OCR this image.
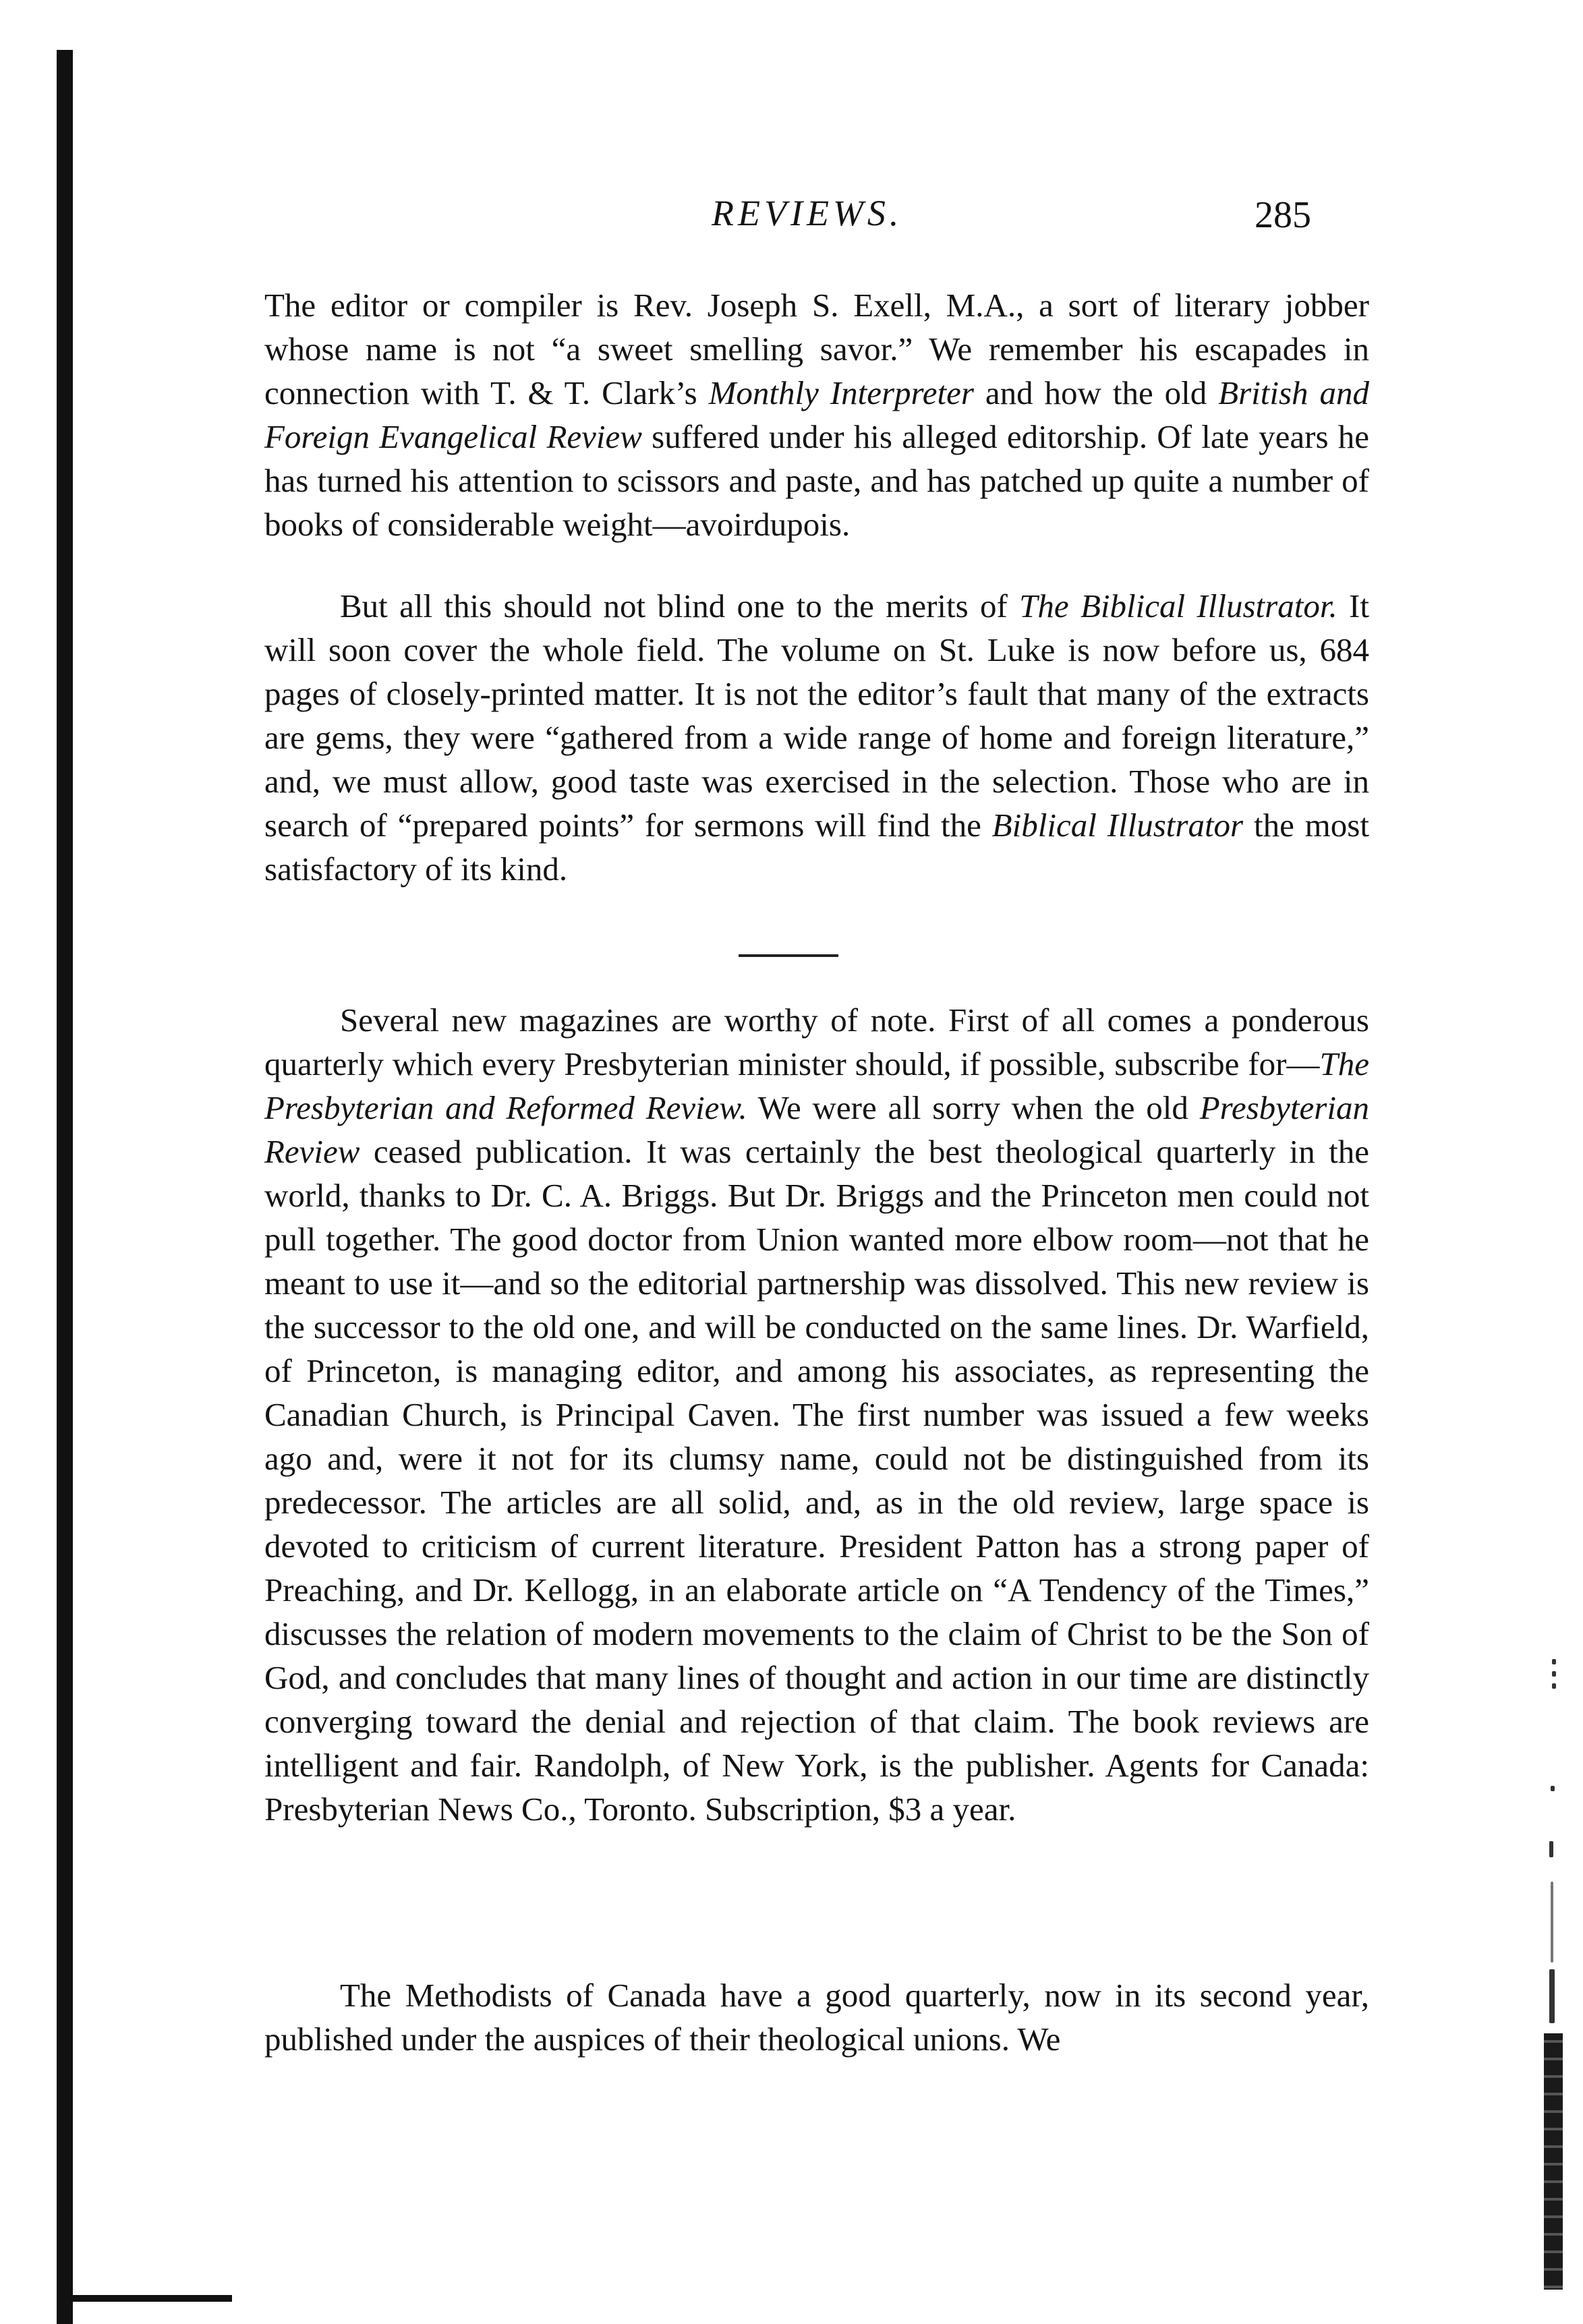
REVIEWS.	285

The editor or compiler is Rev. Joseph S. Exell, M.A., a sort of literary jobber whose name is not “a sweet smelling savor.” We remember his escapades in connection with T. & T. Clark’s Monthly Interpreter and how the old British and Foreign Evangelical Review suffered under his alleged editorship. Of late years he has turned his attention to scissors and paste, and has patched up quite a number of books of considerable weight—avoirdupois.

But all this should not blind one to the merits of The Biblical Illustrator. It will soon cover the whole field. The volume on St. Luke is now before us, 684 pages of closely-printed matter. It is not the editor’s fault that many of the extracts are gems, they were “gathered from a wide range of home and foreign literature,” and, we must allow, good taste was exercised in the selection. Those who are in search of “prepared points” for sermons will find the Biblical Illustrator the most satisfactory of its kind.

Several new magazines are worthy of note. First of all comes a ponderous quarterly which every Presbyterian minister should, if possible, subscribe for—The Presbyterian and Reformed Review. We were all sorry when the old Presbyterian Review ceased publication. It was certainly the best theological quarterly in the world, thanks to Dr. C. A. Briggs. But Dr. Briggs and the Princeton men could not pull together. The good doctor from Union wanted more elbow room—not that he meant to use it—and so the editorial partnership was dissolved. This new review is the successor to the old one, and will be conducted on the same lines. Dr. Warfield, of Princeton, is managing editor, and among his associates, as representing the Canadian Church, is Principal Caven. The first number was issued a few weeks ago and, were it not for its clumsy name, could not be distinguished from its predecessor. The articles are all solid, and, as in the old review, large space is devoted to criticism of current literature. President Patton has a strong paper of Preaching, and Dr. Kellogg, in an elaborate article on “A Tendency of the Times,” discusses the relation of modern movements to the claim of Christ to be the Son of God, and concludes that many lines of thought and action in our time are distinctly converging toward the denial and rejection of that claim. The book reviews are intelligent and fair. Randolph, of New York, is the publisher. Agents for Canada: Presbyterian News Co., Toronto. Subscription, $3 a year.

The Methodists of Canada have a good quarterly, now in its second year, published under the auspices of their theological unions. We
